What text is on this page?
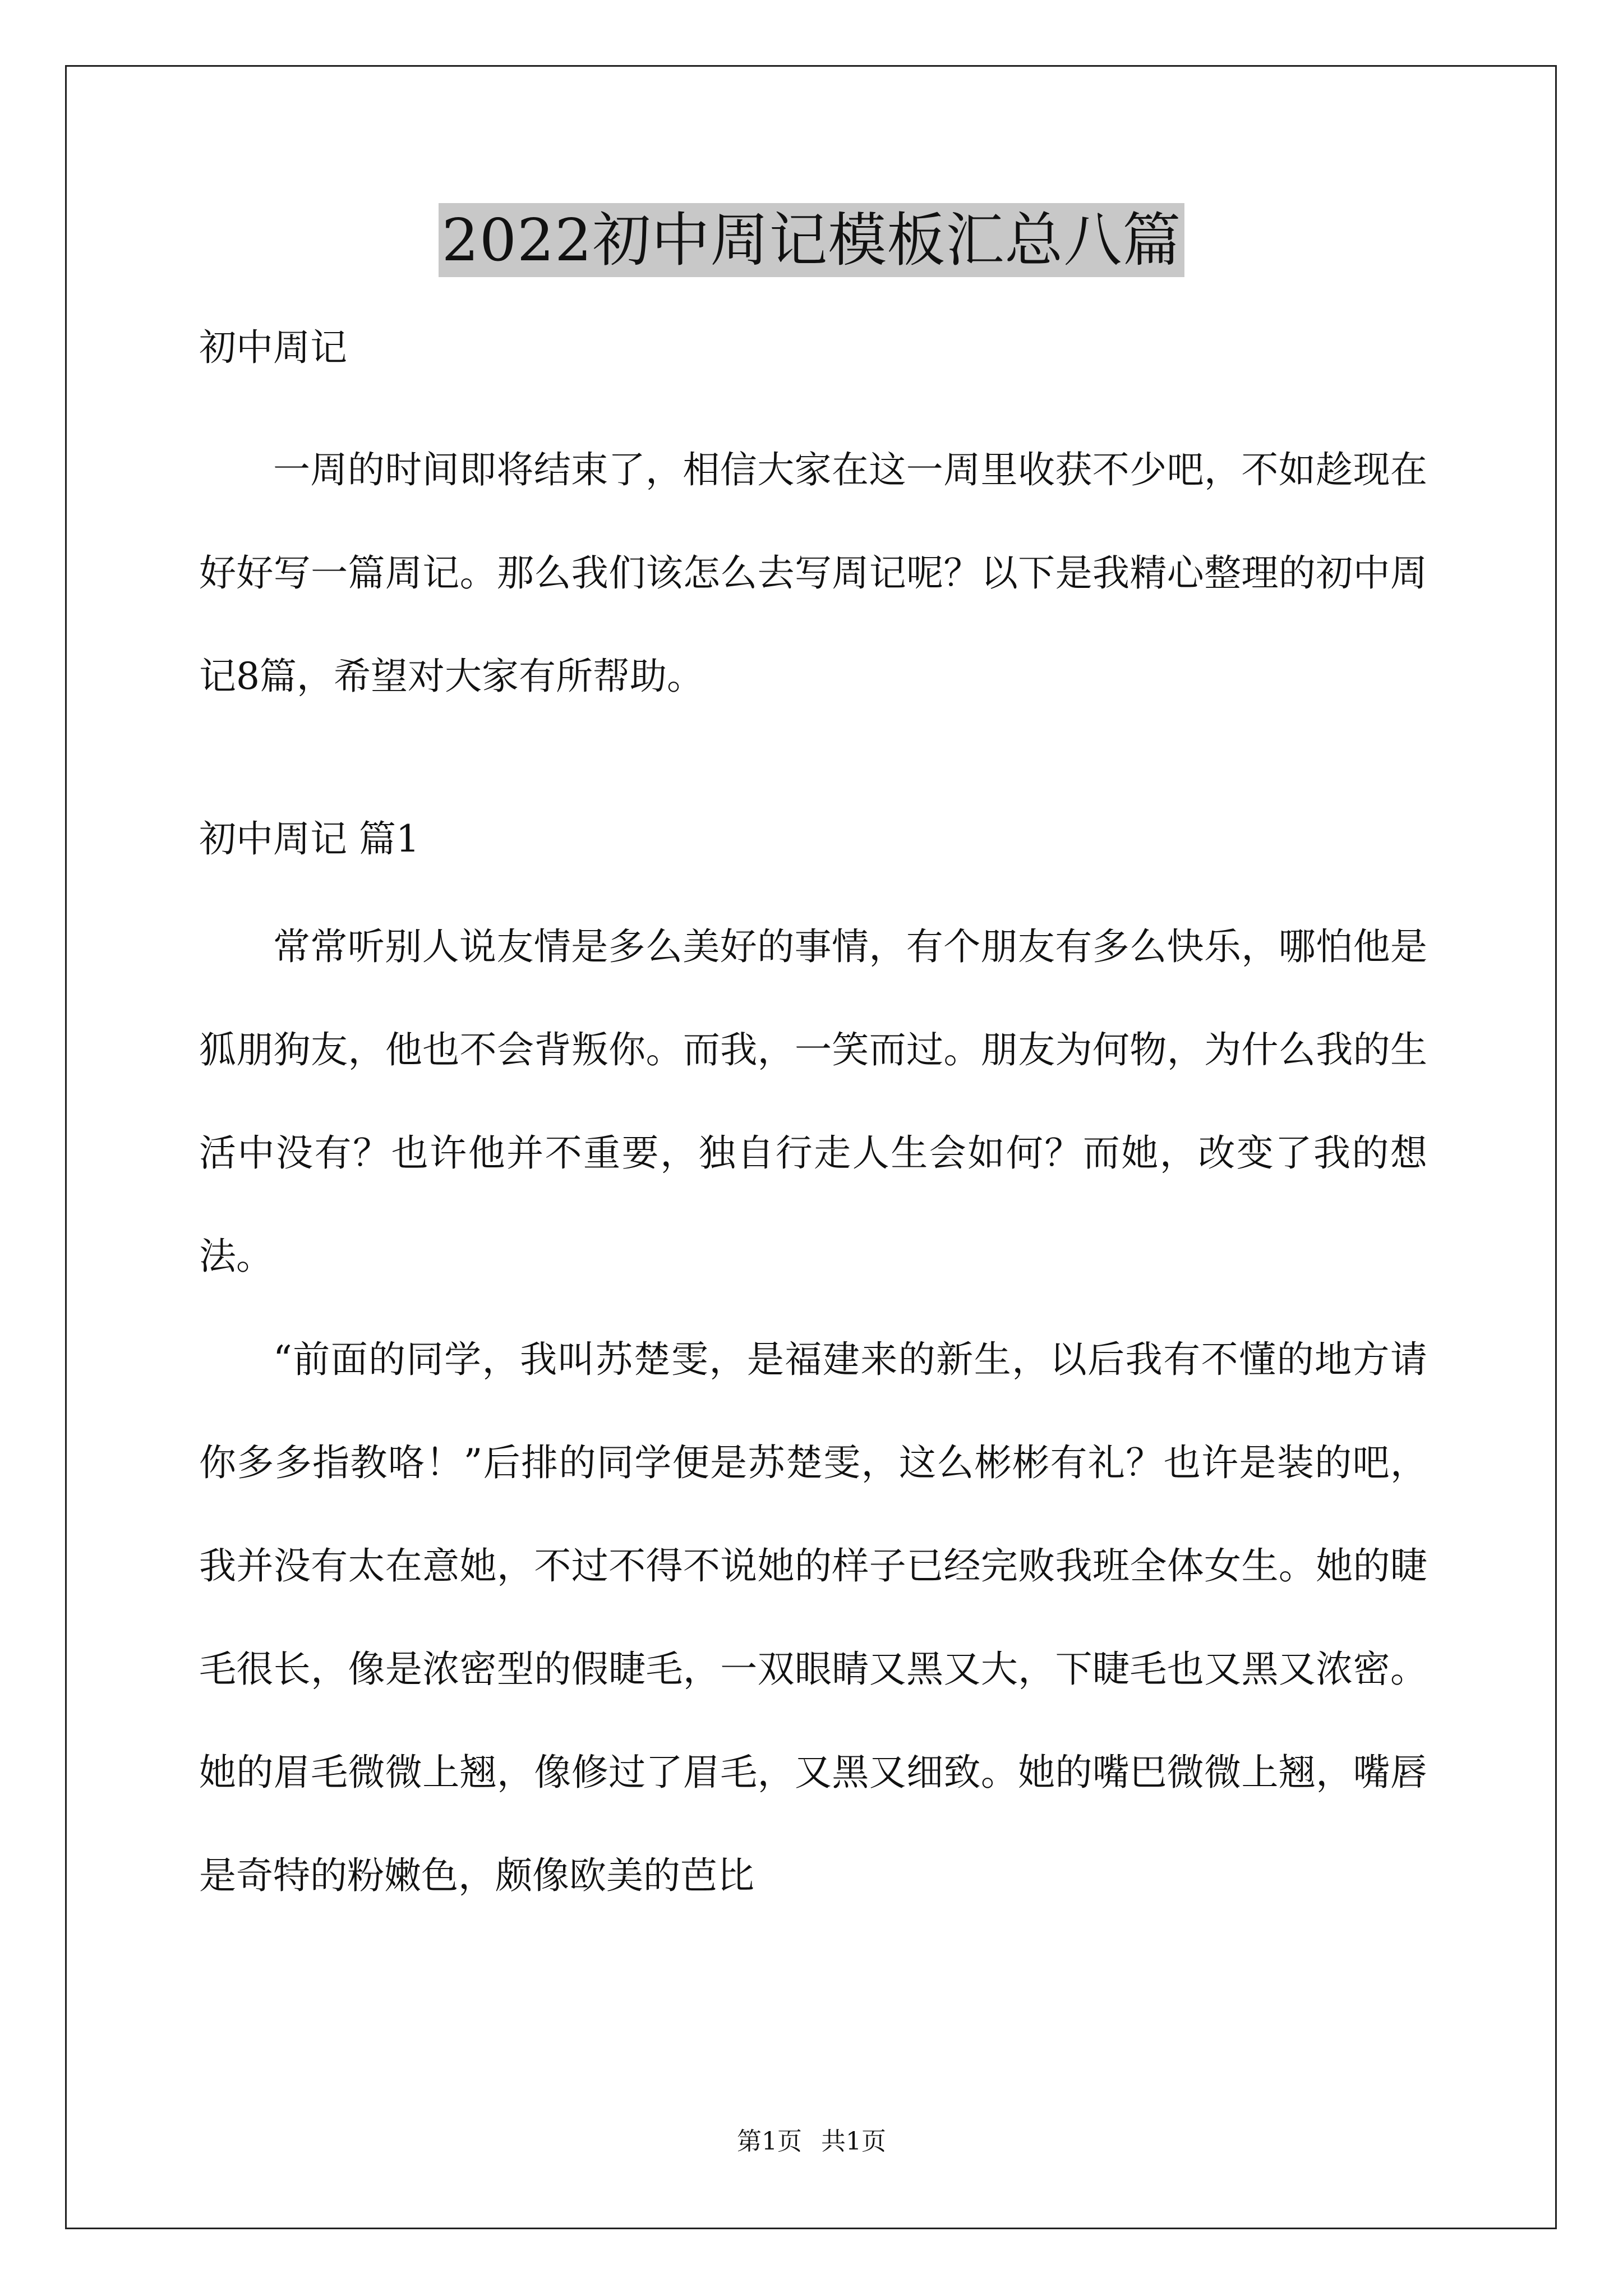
2022初中周记模板汇总八篇

初中周记

一周的时间即将结束了，相信大家在这一周里收获不少吧，不如趁现在好好写一篇周记。那么我们该怎么去写周记呢？以下是我精心整理的初中周记8篇，希望对大家有所帮助。

初中周记 篇1

常常听别人说友情是多么美好的事情，有个朋友有多么快乐，哪怕他是狐朋狗友，他也不会背叛你。而我，一笑而过。朋友为何物，为什么我的生活中没有？也许他并不重要，独自行走人生会如何？而她，改变了我的想法。

“前面的同学，我叫苏楚雯，是福建来的新生，以后我有不懂的地方请你多多指教咯！”后排的同学便是苏楚雯，这么彬彬有礼？也许是装的吧，我并没有太在意她，不过不得不说她的样子已经完败我班全体女生。她的睫毛很长，像是浓密型的假睫毛，一双眼睛又黑又大，下睫毛也又黑又浓密。她的眉毛微微上翘，像修过了眉毛，又黑又细致。她的嘴巴微微上翘，嘴唇是奇特的粉嫩色，颇像欧美的芭比

第1页 共1页
